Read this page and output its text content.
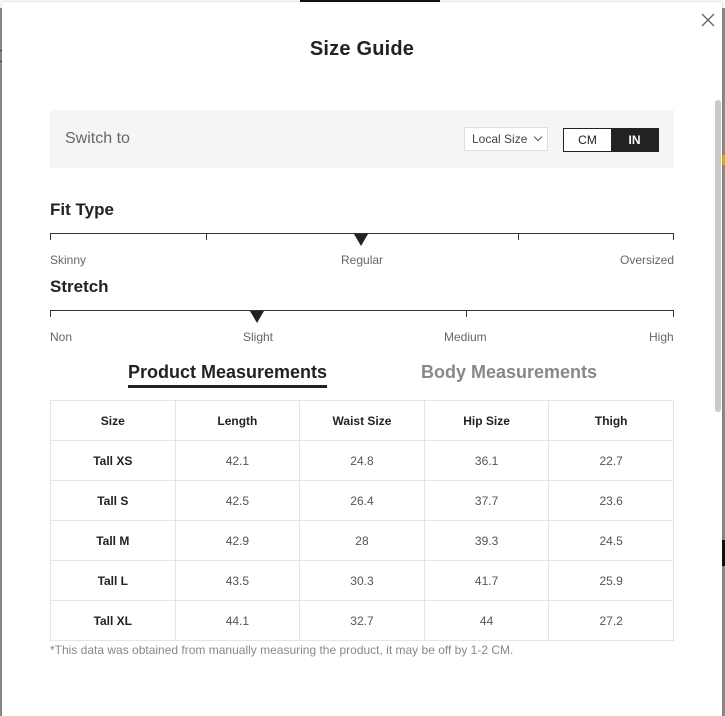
Size Guide
Switch to	Local Size	CM	IN
Fit Type
Skinny	Regular	Oversized
Stretch
Non	Slight	Medium	High
Product Measurements	Body Measurements
Size	Length	Waist Size	Hip Size	Thigh
Tall XS	42.1	24.8	36.1	22.7
Tall S	42.5	26.4	37.7	23.6
Tall M	42.9	28	39.3	24.5
Tall L	43.5	30.3	41.7	25.9
Tall XL	44.1	32.7	44	27.2
*This data was obtained from manually measuring the product, it may be off by 1-2 CM.
